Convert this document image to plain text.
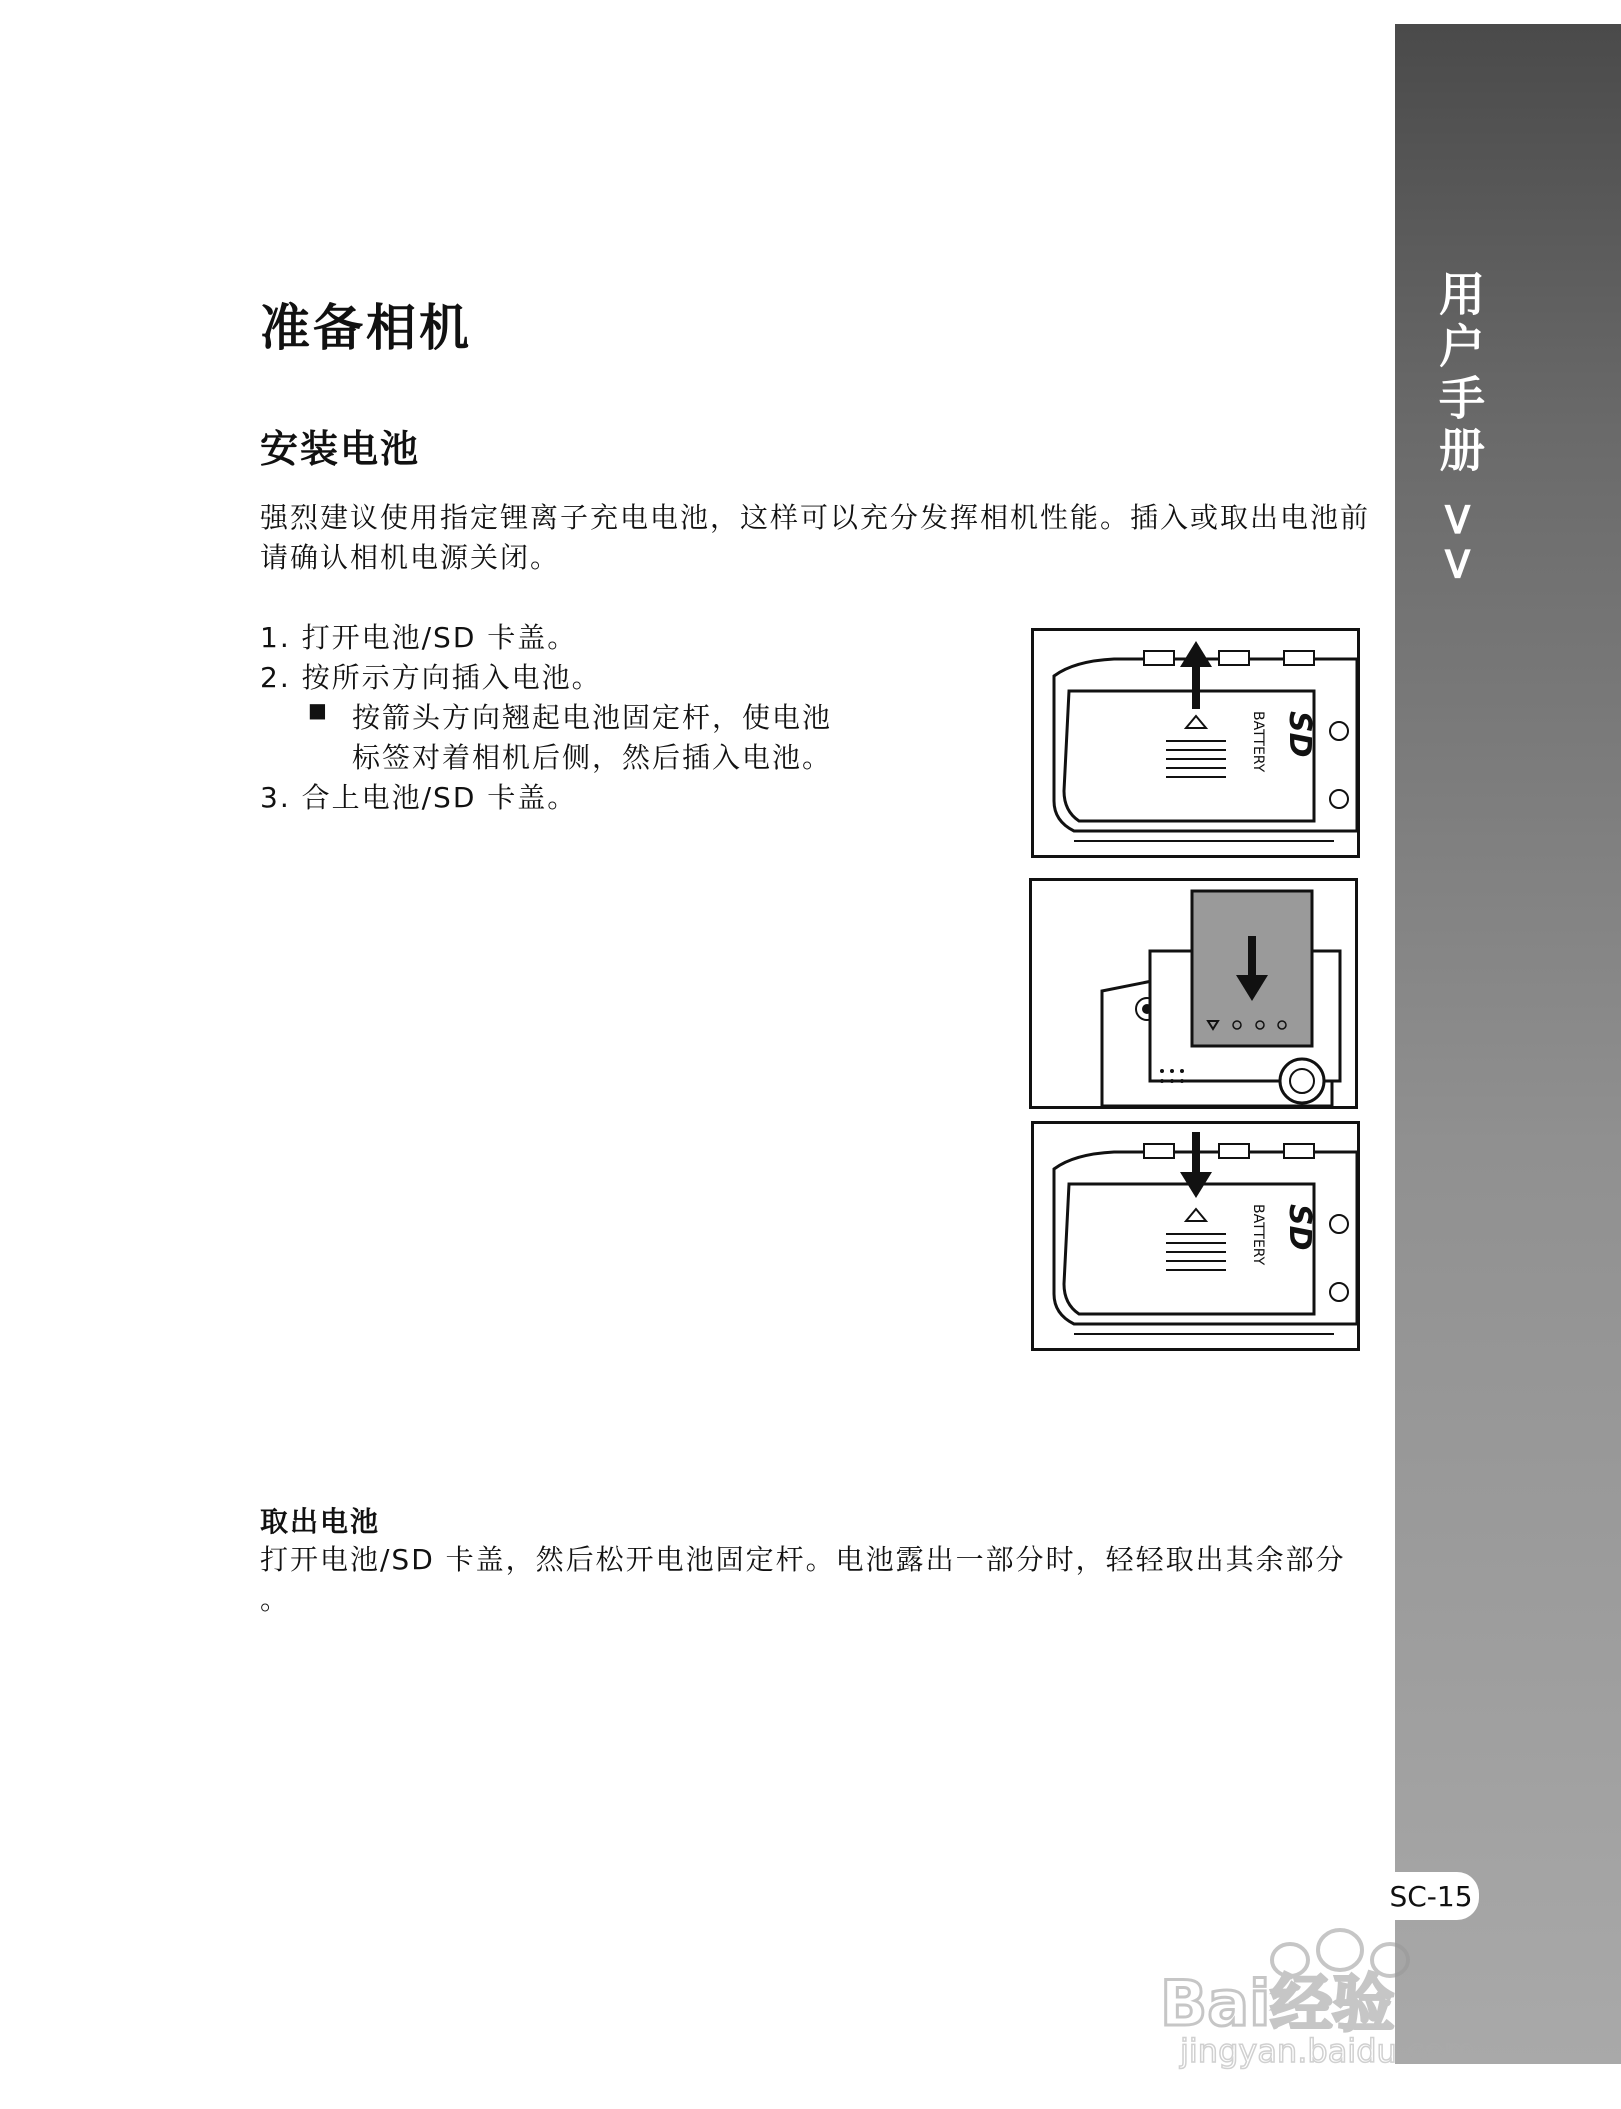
用户手册 >>
准备相机
安装电池

强烈建议使用指定锂离子充电电池，这样可以充分发挥相机性能。插入或取出电池前请确认相机电源关闭。

1. 打开电池/SD 卡盖。
2. 按所示方向插入电池。
■ 按箭头方向翘起电池固定杆，使电池
标签对着相机后侧，然后插入电池。
3. 合上电池/SD 卡盖。
BATTERY SD
BATTERY SD
取出电池

打开电池/SD 卡盖，然后松开电池固定杆。电池露出一部分时，轻轻取出其余部分 。

SC-15
Bai经验
jingyan.baidu.com
